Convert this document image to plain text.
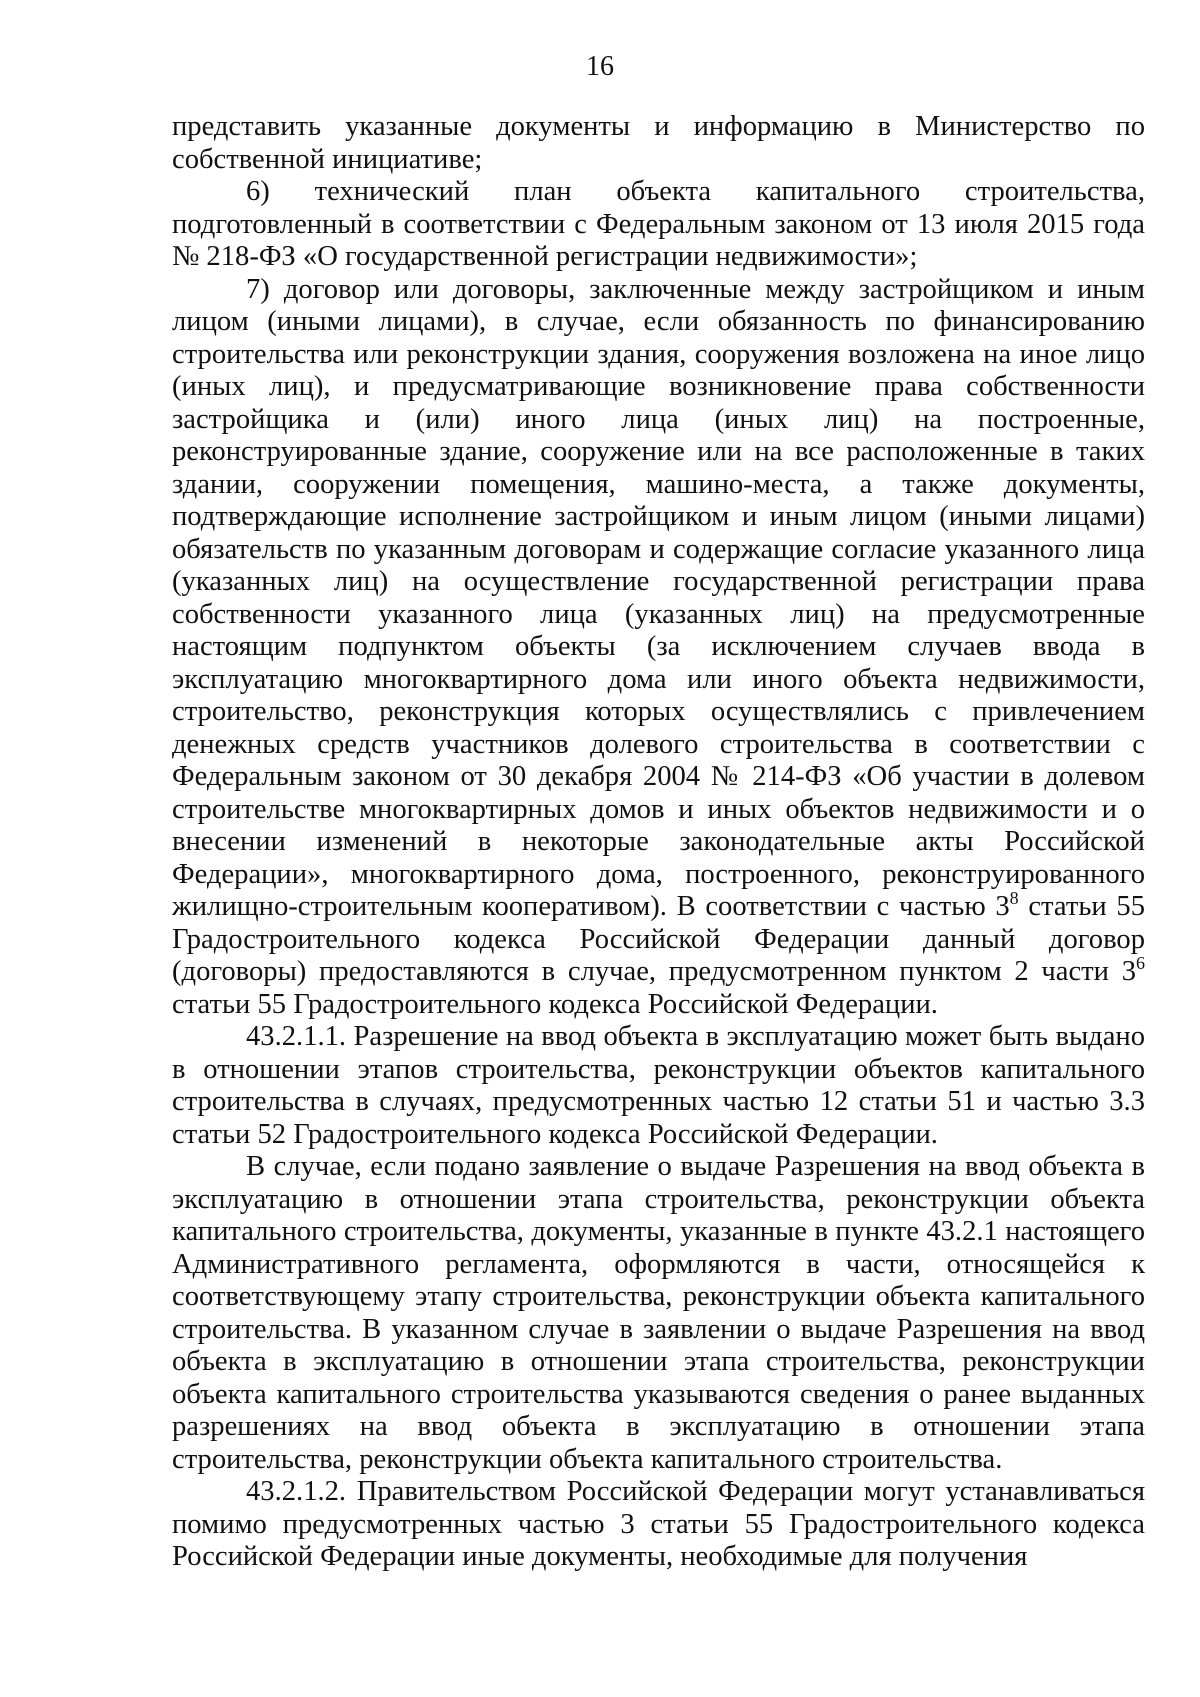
16

представить указанные документы и информацию в Министерство по собственной инициативе;

6) технический план объекта капитального строительства, подготовленный в соответствии с Федеральным законом от 13 июля 2015 года № 218-ФЗ «О государственной регистрации недвижимости»;

7) договор или договоры, заключенные между застройщиком и иным лицом (иными лицами), в случае, если обязанность по финансированию строительства или реконструкции здания, сооружения возложена на иное лицо (иных лиц), и предусматривающие возникновение права собственности застройщика и (или) иного лица (иных лиц) на построенные, реконструированные здание, сооружение или на все расположенные в таких здании, сооружении помещения, машино-места, а также документы, подтверждающие исполнение застройщиком и иным лицом (иными лицами) обязательств по указанным договорам и содержащие согласие указанного лица (указанных лиц) на осуществление государственной регистрации права собственности указанного лица (указанных лиц) на предусмотренные настоящим подпунктом объекты (за исключением случаев ввода в эксплуатацию многоквартирного дома или иного объекта недвижимости, строительство, реконструкция которых осуществлялись с привлечением денежных средств участников долевого строительства в соответствии с Федеральным законом от 30 декабря 2004 № 214-ФЗ «Об участии в долевом строительстве многоквартирных домов и иных объектов недвижимости и о внесении изменений в некоторые законодательные акты Российской Федерации», многоквартирного дома, построенного, реконструированного жилищно-строительным кооперативом). В соответствии с частью $3^8$ статьи 55 Градостроительного кодекса Российской Федерации данный договор (договоры) предоставляются в случае, предусмотренном пунктом 2 части $3^6$ статьи 55 Градостроительного кодекса Российской Федерации.

43.2.1.1. Разрешение на ввод объекта в эксплуатацию может быть выдано в отношении этапов строительства, реконструкции объектов капитального строительства в случаях, предусмотренных частью 12 статьи 51 и частью 3.3 статьи 52 Градостроительного кодекса Российской Федерации.

В случае, если подано заявление о выдаче Разрешения на ввод объекта в эксплуатацию в отношении этапа строительства, реконструкции объекта капитального строительства, документы, указанные в пункте 43.2.1 настоящего Административного регламента, оформляются в части, относящейся к соответствующему этапу строительства, реконструкции объекта капитального строительства. В указанном случае в заявлении о выдаче Разрешения на ввод объекта в эксплуатацию в отношении этапа строительства, реконструкции объекта капитального строительства указываются сведения о ранее выданных разрешениях на ввод объекта в эксплуатацию в отношении этапа строительства, реконструкции объекта капитального строительства.

43.2.1.2. Правительством Российской Федерации могут устанавливаться помимо предусмотренных частью 3 статьи 55 Градостроительного кодекса Российской Федерации иные документы, необходимые для получения
